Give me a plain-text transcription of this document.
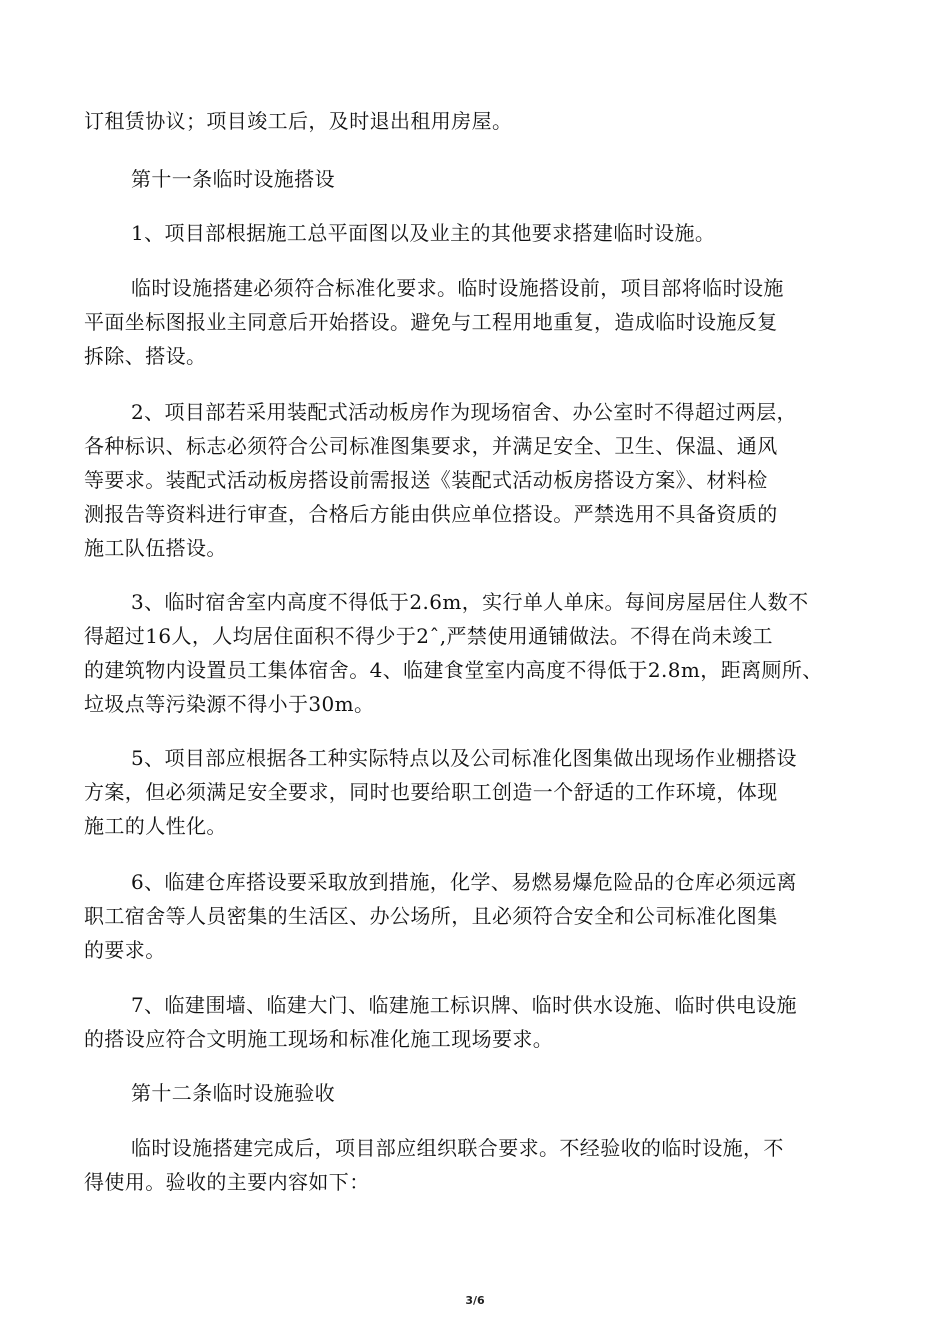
订租赁协议；项目竣工后，及时退出租用房屋。
第十一条临时设施搭设
1、项目部根据施工总平面图以及业主的其他要求搭建临时设施。
临时设施搭建必须符合标准化要求。临时设施搭设前，项目部将临时设施
平面坐标图报业主同意后开始搭设。避免与工程用地重复，造成临时设施反复
拆除、搭设。
2、项目部若采用装配式活动板房作为现场宿舍、办公室时不得超过两层，
各种标识、标志必须符合公司标准图集要求，并满足安全、卫生、保温、通风
等要求。装配式活动板房搭设前需报送《装配式活动板房搭设方案》、材料检
测报告等资料进行审查，合格后方能由供应单位搭设。严禁选用不具备资质的
施工队伍搭设。
3、临时宿舍室内高度不得低于2.6m，实行单人单床。每间房屋居住人数不
得超过16人，人均居住面积不得少于2ˆ,严禁使用通铺做法。不得在尚未竣工
的建筑物内设置员工集体宿舍。4、临建食堂室内高度不得低于2.8m，距离厕所、
垃圾点等污染源不得小于30m。
5、项目部应根据各工种实际特点以及公司标准化图集做出现场作业棚搭设
方案，但必须满足安全要求，同时也要给职工创造一个舒适的工作环境，体现
施工的人性化。
6、临建仓库搭设要采取放到措施，化学、易燃易爆危险品的仓库必须远离
职工宿舍等人员密集的生活区、办公场所，且必须符合安全和公司标准化图集
的要求。
7、临建围墙、临建大门、临建施工标识牌、临时供水设施、临时供电设施
的搭设应符合文明施工现场和标准化施工现场要求。
第十二条临时设施验收
临时设施搭建完成后，项目部应组织联合要求。不经验收的临时设施，不
得使用。验收的主要内容如下：
3/6
